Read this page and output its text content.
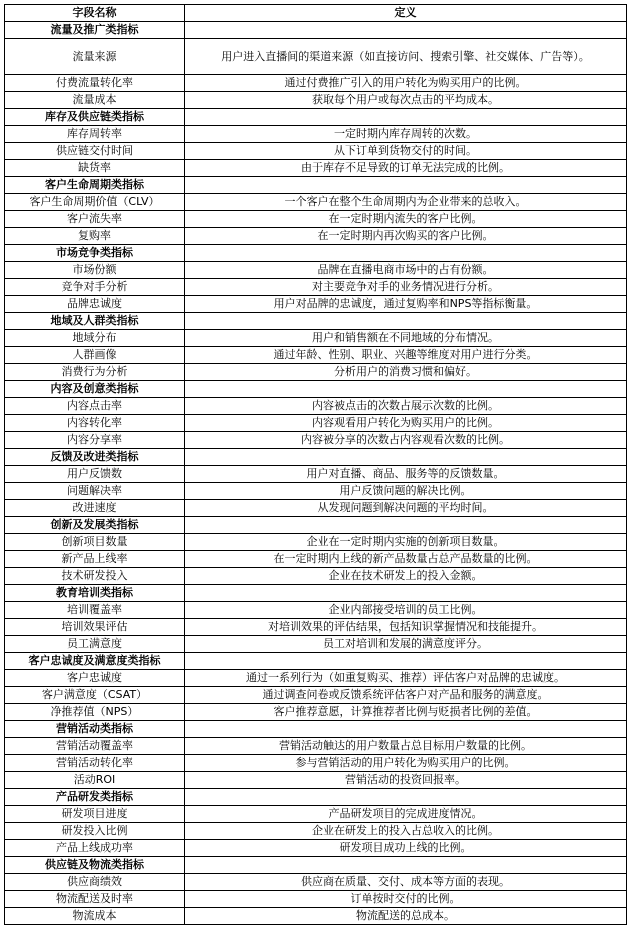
字段名称	定义
流量及推广类指标	
流量来源	用户进入直播间的渠道来源（如直接访问、搜索引擎、社交媒体、广告等）。
付费流量转化率	通过付费推广引入的用户转化为购买用户的比例。
流量成本	获取每个用户或每次点击的平均成本。
库存及供应链类指标	
库存周转率	一定时期内库存周转的次数。
供应链交付时间	从下订单到货物交付的时间。
缺货率	由于库存不足导致的订单无法完成的比例。
客户生命周期类指标	
客户生命周期价值（CLV）	一个客户在整个生命周期内为企业带来的总收入。
客户流失率	在一定时期内流失的客户比例。
复购率	在一定时期内再次购买的客户比例。
市场竞争类指标	
市场份额	品牌在直播电商市场中的占有份额。
竞争对手分析	对主要竞争对手的业务情况进行分析。
品牌忠诚度	用户对品牌的忠诚度，通过复购率和NPS等指标衡量。
地域及人群类指标	
地域分布	用户和销售额在不同地域的分布情况。
人群画像	通过年龄、性别、职业、兴趣等维度对用户进行分类。
消费行为分析	分析用户的消费习惯和偏好。
内容及创意类指标	
内容点击率	内容被点击的次数占展示次数的比例。
内容转化率	内容观看用户转化为购买用户的比例。
内容分享率	内容被分享的次数占内容观看次数的比例。
反馈及改进类指标	
用户反馈数	用户对直播、商品、服务等的反馈数量。
问题解决率	用户反馈问题的解决比例。
改进速度	从发现问题到解决问题的平均时间。
创新及发展类指标	
创新项目数量	企业在一定时期内实施的创新项目数量。
新产品上线率	在一定时期内上线的新产品数量占总产品数量的比例。
技术研发投入	企业在技术研发上的投入金额。
教育培训类指标	
培训覆盖率	企业内部接受培训的员工比例。
培训效果评估	对培训效果的评估结果，包括知识掌握情况和技能提升。
员工满意度	员工对培训和发展的满意度评分。
客户忠诚度及满意度类指标	
客户忠诚度	通过一系列行为（如重复购买、推荐）评估客户对品牌的忠诚度。
客户满意度（CSAT）	通过调查问卷或反馈系统评估客户对产品和服务的满意度。
净推荐值（NPS）	客户推荐意愿，计算推荐者比例与贬损者比例的差值。
营销活动类指标	
营销活动覆盖率	营销活动触达的用户数量占总目标用户数量的比例。
营销活动转化率	参与营销活动的用户转化为购买用户的比例。
活动ROI	营销活动的投资回报率。
产品研发类指标	
研发项目进度	产品研发项目的完成进度情况。
研发投入比例	企业在研发上的投入占总收入的比例。
产品上线成功率	研发项目成功上线的比例。
供应链及物流类指标	
供应商绩效	供应商在质量、交付、成本等方面的表现。
物流配送及时率	订单按时交付的比例。
物流成本	物流配送的总成本。
